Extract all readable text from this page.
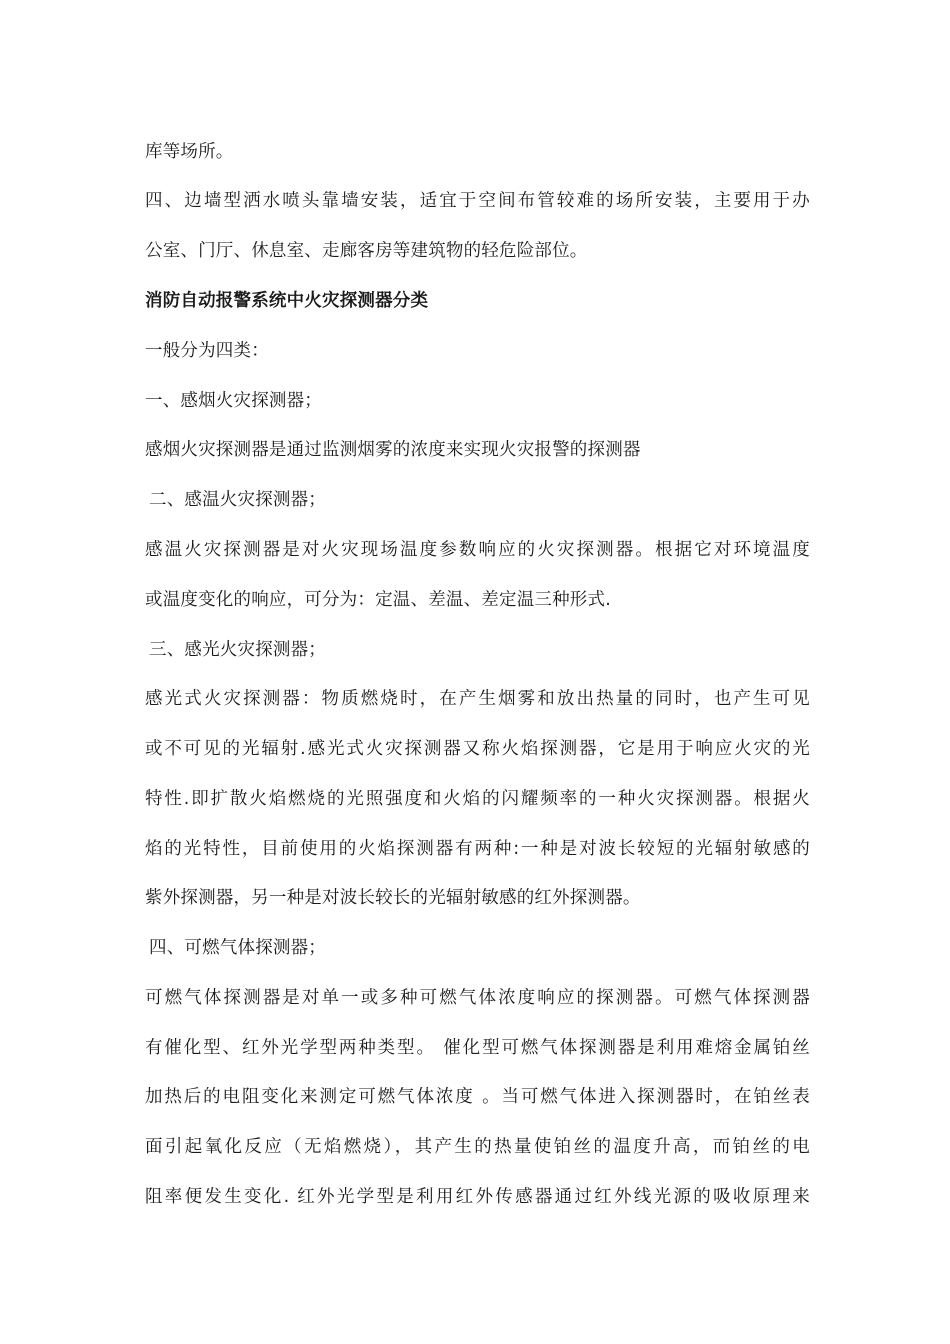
库等场所。
四、边墙型洒水喷头靠墙安装，适宜于空间布管较难的场所安装，主要用于办
公室、门厅、休息室、走廊客房等建筑物的轻危险部位。
消防自动报警系统中火灾探测器分类
一般分为四类：
一、感烟火灾探测器；
感烟火灾探测器是通过监测烟雾的浓度来实现火灾报警的探测器
二、感温火灾探测器；
感温火灾探测器是对火灾现场温度参数响应的火灾探测器。根据它对环境温度
或温度变化的响应，可分为：定温、差温、差定温三种形式.
三、感光火灾探测器；
感光式火灾探测器：物质燃烧时，在产生烟雾和放出热量的同时，也产生可见
或不可见的光辐射.感光式火灾探测器又称火焰探测器，它是用于响应火灾的光
特性.即扩散火焰燃烧的光照强度和火焰的闪耀频率的一种火灾探测器。根据火
焰的光特性，目前使用的火焰探测器有两种:一种是对波长较短的光辐射敏感的
紫外探测器，另一种是对波长较长的光辐射敏感的红外探测器。
四、可燃气体探测器；
可燃气体探测器是对单一或多种可燃气体浓度响应的探测器。可燃气体探测器
有催化型、红外光学型两种类型。 催化型可燃气体探测器是利用难熔金属铂丝
加热后的电阻变化来测定可燃气体浓度 。当可燃气体进入探测器时，在铂丝表
面引起氧化反应（无焰燃烧），其产生的热量使铂丝的温度升高，而铂丝的电
阻率便发生变化. 红外光学型是利用红外传感器通过红外线光源的吸收原理来
